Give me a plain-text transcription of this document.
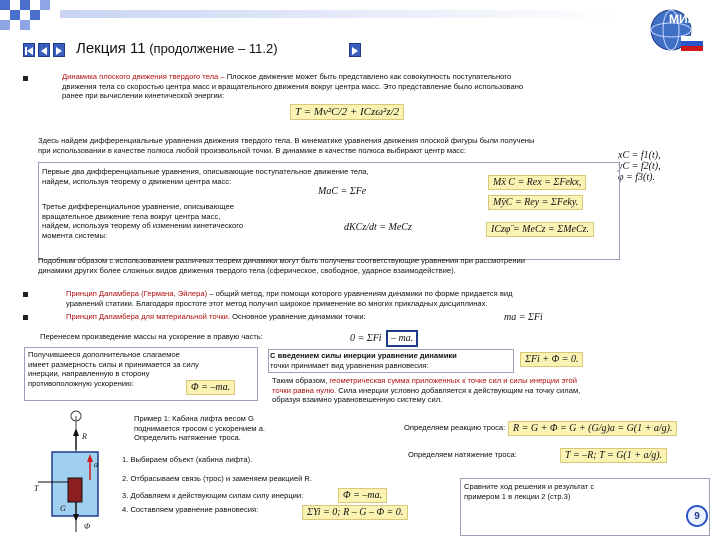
МИИТ
Лекция 11 (продолжение – 11.2)
Динамика плоского движения твердого тела – Плоское движение может быть представлено как совокупность поступательного
движения тела со скоростью центра масс и вращательного движения вокруг центра масс. Это представление было использовано
ранее при вычислении кинетической энергии:
T = Mv²C/2 + ICzω²z/2
Здесь найдем дифференциальные уравнения движения твердого тела. В кинематике уравнения движения плоской фигуры были получены
при использовании в качестве полюса любой произвольной точки. В динамике в качестве полюса выбирают центр масс:	xC = f1(t),
yC = f2(t),
φ = f3(t).
Первые два дифференциальные уравнения, описывающие поступательное движение тела,
найдем, используя теорему о движении центра масс:
MaC = ΣFe
Mẍ C = Rex = ΣFekx,
MÿC = Rey = ΣFeky.
Третье дифференциальное уравнение, описывающее
вращательное движение тела вокруг центра масс,
найдем, используя теорему об изменении кинетического
момента системы:
dKCz/dt = MeCz	ICzφ̈ = MeCz = ΣMeCz.
Подобным образом с использованием различных теорем динамики могут быть получены соответствующие уравнения при рассмотрении
динамики других более сложных видов движения твердого тела (сферическое, свободное, ударное взаимодействие).
Принцип Даламбера (Германа, Эйлера) – общий метод, при помощи которого уравнениям динамики по форме придается вид
уравнений статики. Благодаря простоте этот метод получил широкое применение во многих прикладных дисциплинах.
Принцип Даламбера для материальной точки. Основное уравнение динамики точки:	ma = ΣFi
Перенесем произведение массы на ускорение в правую часть:	0 = ΣFi – ma.
Получившееся дополнительное слагаемое
имеет размерность силы и принимается за силу
инерции, направленную в сторону
противоположную ускорению:	Φ = –ma.
С введением силы инерции уравнение динамики
точки принимает вид уравнения равновесия:
ΣFi + Φ = 0.
Таким образом, геометрическая сумма приложенных к точке сил и силы инерции этой
точки равна нулю. Сила инерции условно добавляется к действующим на точку силам,
образуя взаимно уравновешенную систему сил.
R
T
G
a
Φ
Пример 1: Кабина лифта весом G
поднимается тросом с ускорением a.
Определить натяжение троса.
1. Выбираем объект (кабина лифта).
2. Отбрасываем связь (трос) и заменяем реакцией R.
3. Добавляем к действующим силам силу инерции:	Φ = –ma.
4. Составляем уравнение равновесия:	ΣYi = 0; R – G – Φ = 0.
Определяем реакцию троса: R = G + Φ = G + (G/g)a = G(1 + a/g).
Определяем натяжение троса:	T = –R; T = G(1 + a/g).
Сравните ход решения и результат с
примером 1 в лекции 2 (стр.3)
9
